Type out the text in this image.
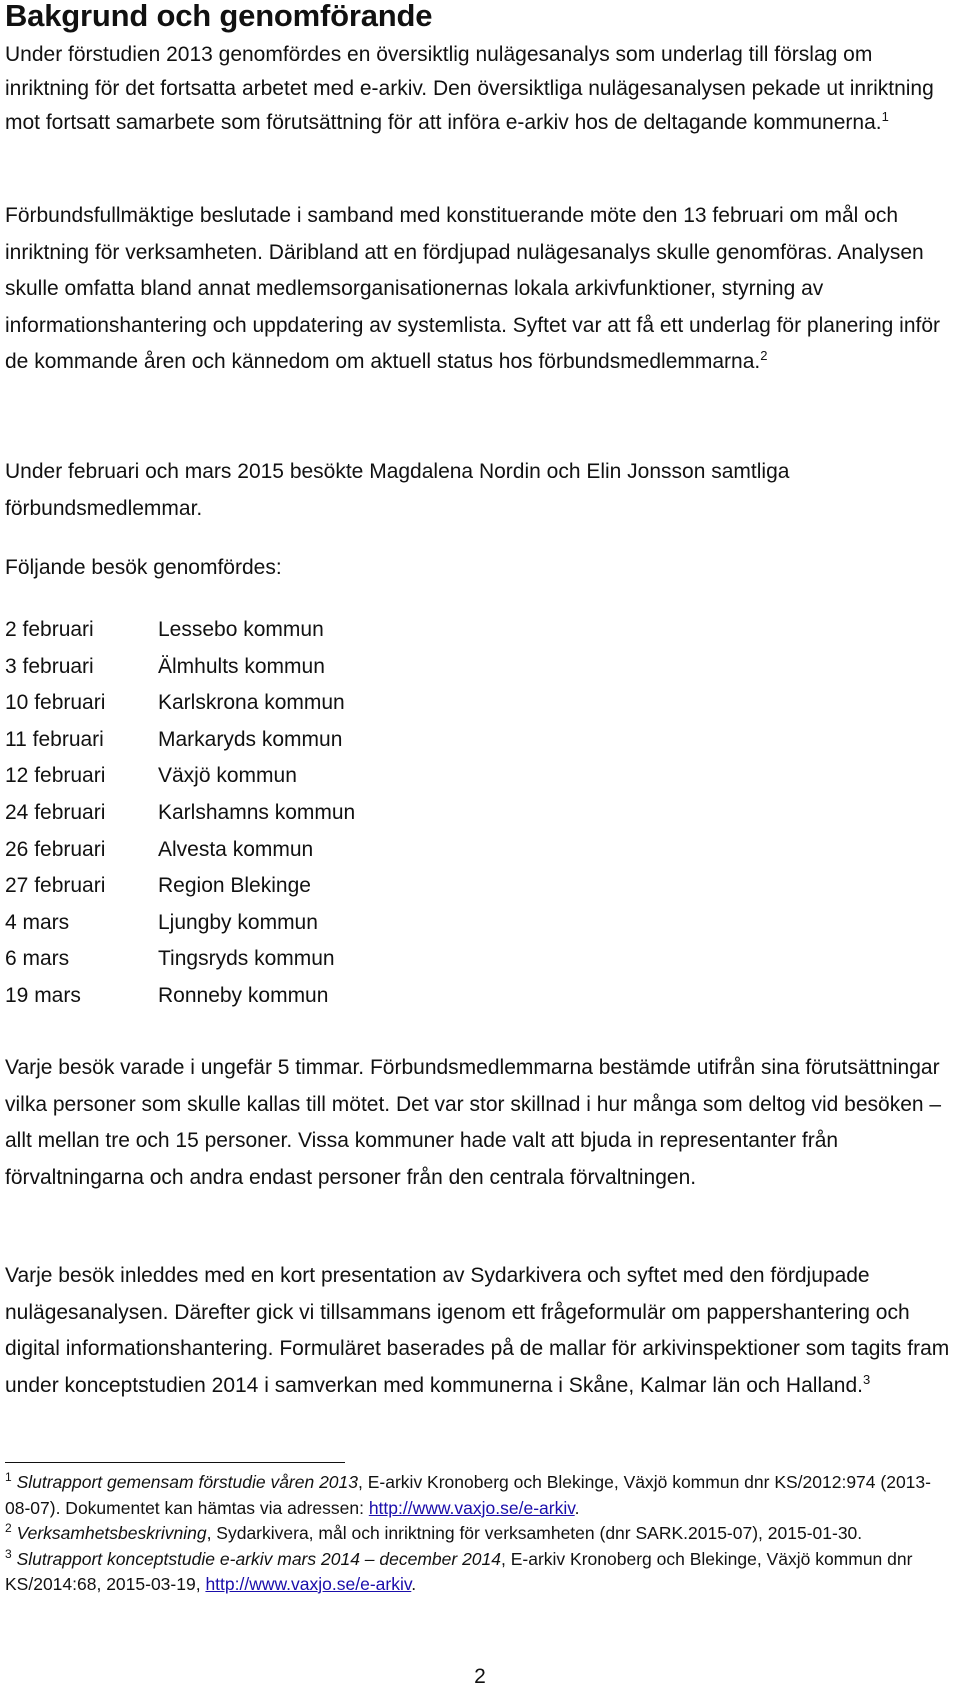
Bakgrund och genomförande

Under förstudien 2013 genomfördes en översiktlig nulägesanalys som underlag till förslag om inriktning för det fortsatta arbetet med e-arkiv. Den översiktliga nulägesanalysen pekade ut inriktning mot fortsatt samarbete som förutsättning för att införa e-arkiv hos de deltagande kommunerna.$^1$

Förbundsfullmäktige beslutade i samband med konstituerande möte den 13 februari om mål och inriktning för verksamheten. Däribland att en fördjupad nulägesanalys skulle genomföras. Analysen skulle omfatta bland annat medlemsorganisationernas lokala arkivfunktioner, styrning av informationshantering och uppdatering av systemlista. Syftet var att få ett underlag för planering inför de kommande åren och kännedom om aktuell status hos förbundsmedlemmarna.$^2$

Under februari och mars 2015 besökte Magdalena Nordin och Elin Jonsson samtliga förbundsmedlemmar.

Följande besök genomfördes:

2 februari	Lessebo kommun
3 februari	Älmhults kommun
10 februari	Karlskrona kommun
11 februari	Markaryds kommun
12 februari	Växjö kommun
24 februari	Karlshamns kommun
26 februari	Alvesta kommun
27 februari	Region Blekinge
4 mars	Ljungby kommun
6 mars	Tingsryds kommun
19 mars	Ronneby kommun

Varje besök varade i ungefär 5 timmar. Förbundsmedlemmarna bestämde utifrån sina förutsättningar vilka personer som skulle kallas till mötet. Det var stor skillnad i hur många som deltog vid besöken – allt mellan tre och 15 personer. Vissa kommuner hade valt att bjuda in representanter från förvaltningarna och andra endast personer från den centrala förvaltningen.

Varje besök inleddes med en kort presentation av Sydarkivera och syftet med den fördjupade nulägesanalysen. Därefter gick vi tillsammans igenom ett frågeformulär om pappershantering och digital informationshantering. Formuläret baserades på de mallar för arkivinspektioner som tagits fram under konceptstudien 2014 i samverkan med kommunerna i Skåne, Kalmar län och Halland.$^3$

$^1$ Slutrapport gemensam förstudie våren 2013, E-arkiv Kronoberg och Blekinge, Växjö kommun dnr KS/2012:974 (2013-08-07). Dokumentet kan hämtas via adressen: http://www.vaxjo.se/e-arkiv.

$^2$ Verksamhetsbeskrivning, Sydarkivera, mål och inriktning för verksamheten (dnr SARK.2015-07), 2015-01-30.

$^3$ Slutrapport konceptstudie e-arkiv mars 2014 – december 2014, E-arkiv Kronoberg och Blekinge, Växjö kommun dnr KS/2014:68, 2015-03-19, http://www.vaxjo.se/e-arkiv.

2
